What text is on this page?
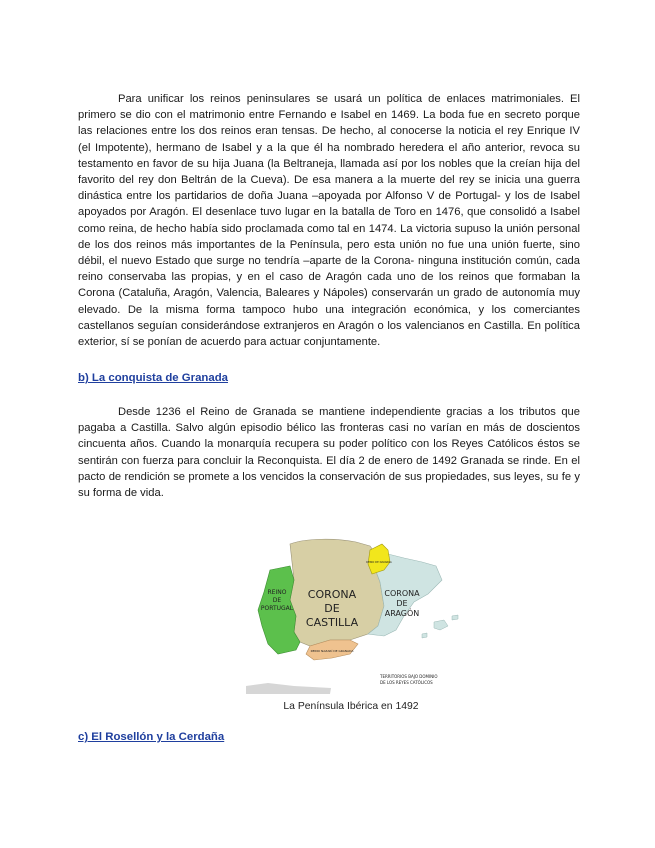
Para unificar los reinos peninsulares se usará un política de enlaces matrimoniales. El primero se dio con el matrimonio entre Fernando e Isabel en 1469. La boda fue en secreto porque las relaciones entre los dos reinos eran tensas. De hecho, al conocerse la noticia el rey Enrique IV (el Impotente), hermano de Isabel y a la que él ha nombrado heredera el año anterior, revoca su testamento en favor de su hija Juana (la Beltraneja, llamada así por los nobles que la creían hija del favorito del rey don Beltrán de la Cueva). De esa manera a la muerte del rey se inicia una guerra dinástica entre los partidarios de doña Juana –apoyada por Alfonso V de Portugal- y los de Isabel apoyados por Aragón. El desenlace tuvo lugar en la batalla de Toro en 1476, que consolidó a Isabel como reina, de hecho había sido proclamada como tal en 1474. La victoria supuso la unión personal de los dos reinos más importantes de la Península, pero esta unión no fue una unión fuerte, sino débil, el nuevo Estado que surge no tendría –aparte de la Corona- ninguna institución común, cada reino conservaba las propias, y en el caso de Aragón cada uno de los reinos que formaban la Corona (Cataluña, Aragón, Valencia, Baleares y Nápoles) conservarán un grado de autonomía muy elevado. De la misma forma tampoco hubo una integración económica, y los comerciantes castellanos seguían considerándose extranjeros en Aragón o los valencianos en Castilla. En política exterior, sí se ponían de acuerdo para actuar conjuntamente.

b) La conquista de Granada

Desde 1236 el Reino de Granada se mantiene independiente gracias a los tributos que pagaba a Castilla. Salvo algún episodio bélico las fronteras casi no varían en más de doscientos cincuenta años. Cuando la monarquía recupera su poder político con los Reyes Católicos éstos se sentirán con fuerza para concluir la Reconquista. El día 2 de enero de 1492 Granada se rinde. En el pacto de rendición se promete a los vencidos la conservación de sus propiedades, sus leyes, su fe y su forma de vida.

REINO
DE
PORTUGAL
CORONA
DE
CASTILLA
CORONA
DE
ARAGÓN
REINO DE NAVARRA
REINO NAZARÍ DE GRANADA
TERRITORIOS BAJO DOMINIO
DE LOS REYES CATÓLICOS

La Península Ibérica en 1492

c) El Rosellón y la Cerdaña
